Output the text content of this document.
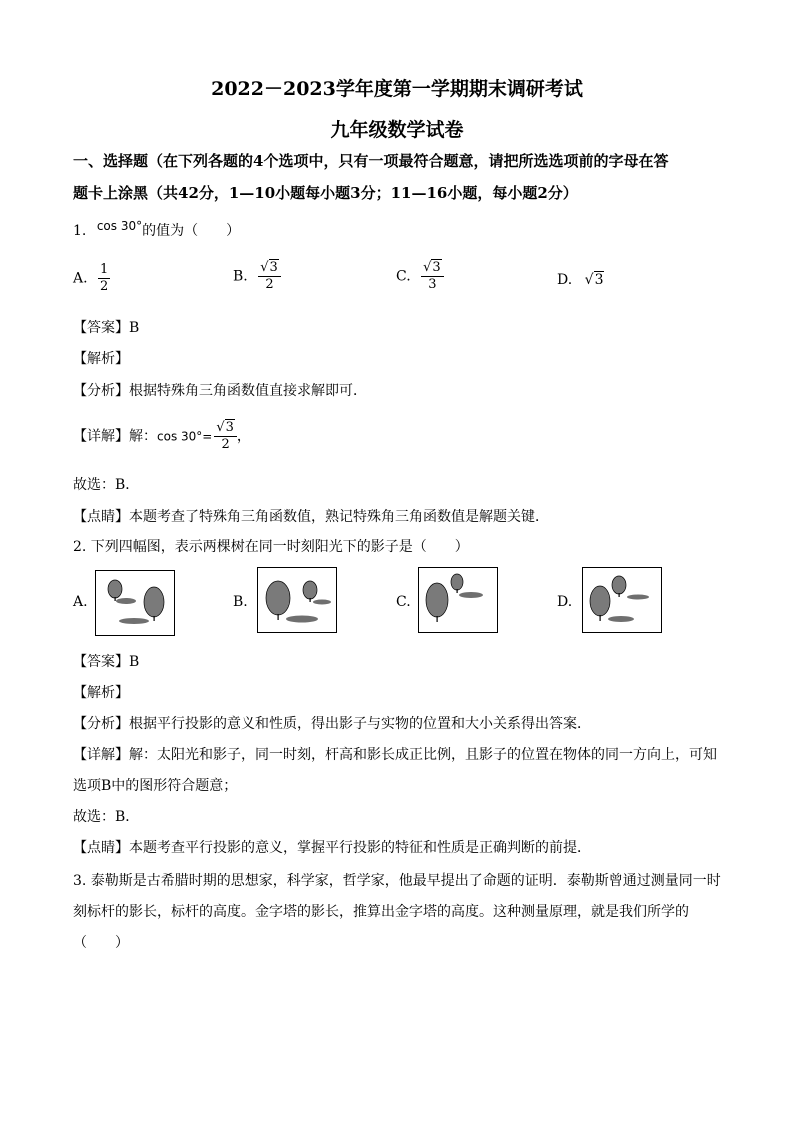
2022－2023学年度第一学期期末调研考试
九年级数学试卷
一、选择题（在下列各题的4个选项中，只有一项最符合题意，请把所选选项前的字母在答
题卡上涂黑（共42分，1—10小题每小题3分；11—16小题，每小题2分）
1. cos 30°的值为（　　）
A. $\frac{1}{2}$	B. $\frac{√3}{2}$	C. $\frac{√3}{3}$	D. √3
【答案】B
【解析】
【分析】根据特殊角三角函数值直接求解即可．
【详解】解：$\cos 30^\circ= \frac{√3}{2}$ ，
故选：B．
【点睛】本题考查了特殊角三角函数值，熟记特殊角三角函数值是解题关键．
2. 下列四幅图，表示两棵树在同一时刻阳光下的影子是（　　）
A.	B.	C.	D.
【答案】B
【解析】
【分析】根据平行投影的意义和性质，得出影子与实物的位置和大小关系得出答案．
【详解】解：太阳光和影子，同一时刻，杆高和影长成正比例，且影子的位置在物体的同一方向上，可知
选项B中的图形符合题意；
故选：B．
【点睛】本题考查平行投影的意义，掌握平行投影的特征和性质是正确判断的前提．
3. 泰勒斯是古希腊时期的思想家，科学家，哲学家，他最早提出了命题的证明．泰勒斯曾通过测量同一时
刻标杆的影长，标杆的高度。金字塔的影长，推算出金字塔的高度。这种测量原理，就是我们所学的
（　　）
